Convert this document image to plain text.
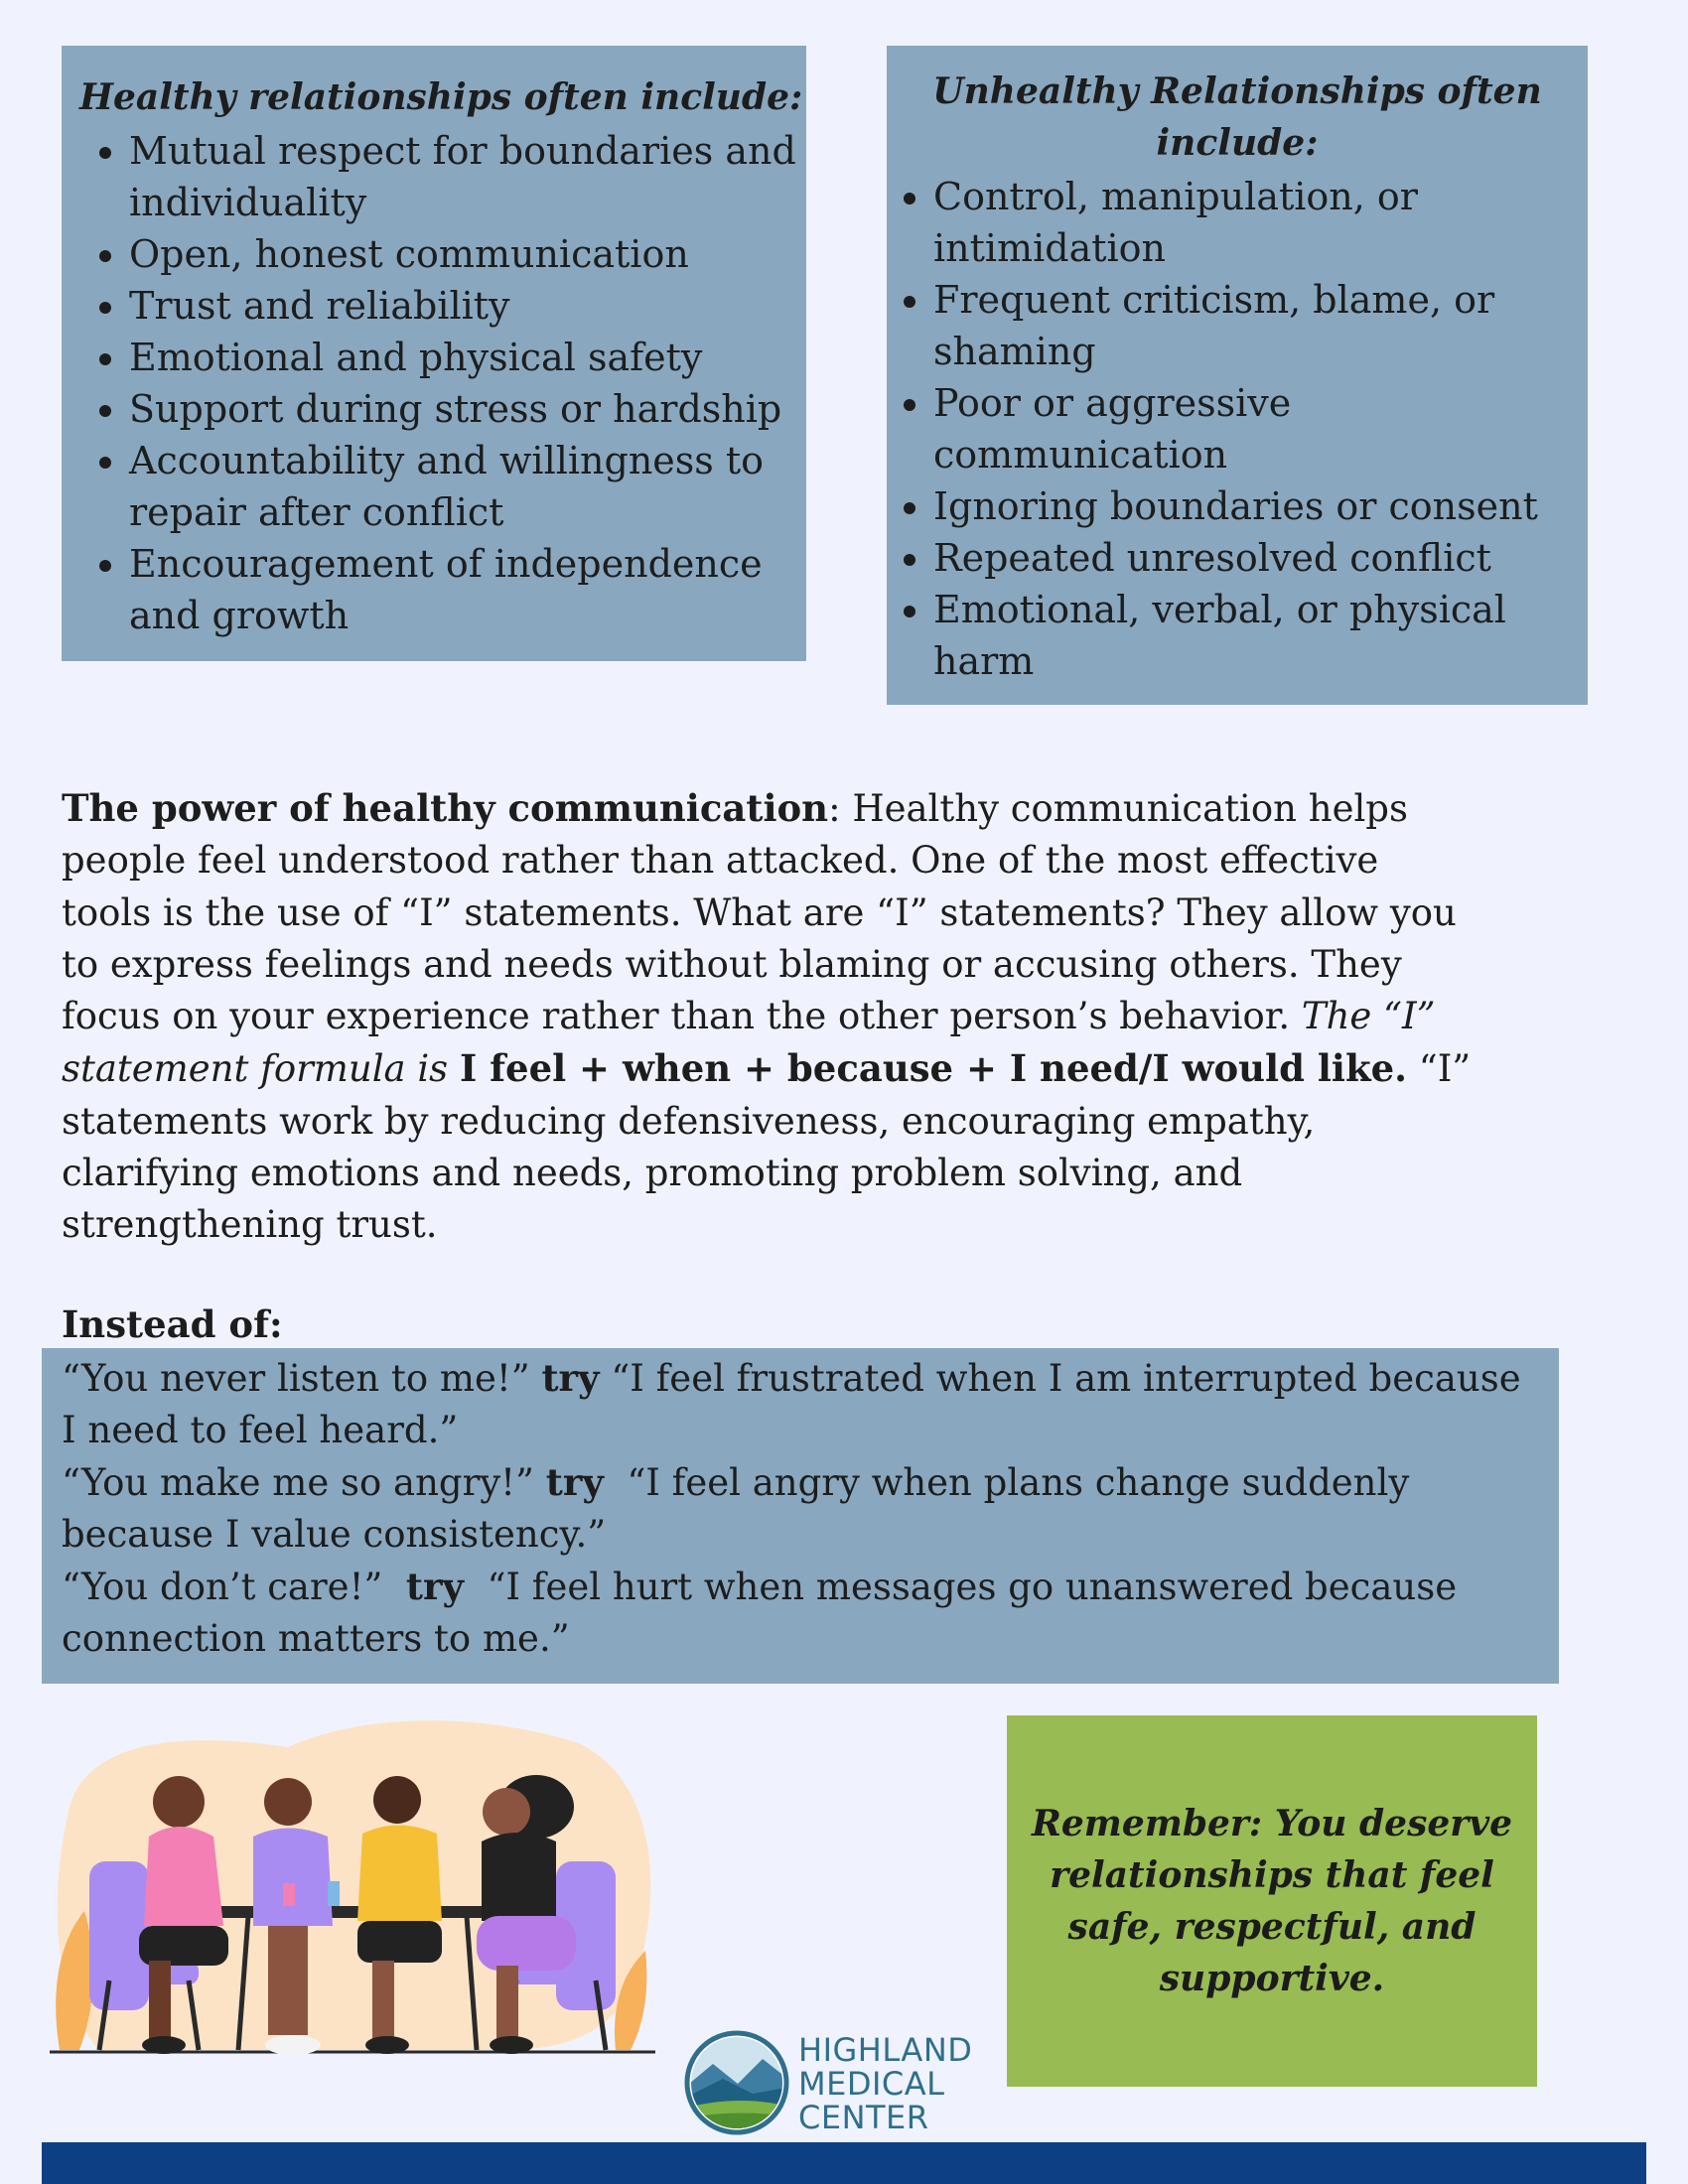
Healthy relationships often include:

• Mutual respect for boundaries and individuality
• Open, honest communication
• Trust and reliability
• Emotional and physical safety
• Support during stress or hardship
• Accountability and willingness to repair after conflict
• Encouragement of independence and growth

Unhealthy Relationships often include:

• Control, manipulation, or intimidation
• Frequent criticism, blame, or shaming
• Poor or aggressive communication
• Ignoring boundaries or consent
• Repeated unresolved conflict
• Emotional, verbal, or physical harm

The power of healthy communication: Healthy communication helps people feel understood rather than attacked. One of the most effective tools is the use of “I” statements. What are “I” statements? They allow you to express feelings and needs without blaming or accusing others. They focus on your experience rather than the other person’s behavior. The “I” statement formula is I feel + when + because + I need/I would like. “I” statements work by reducing defensiveness, encouraging empathy, clarifying emotions and needs, promoting problem solving, and strengthening trust.

Instead of:

“You never listen to me!” try “I feel frustrated when I am interrupted because I need to feel heard.”

“You make me so angry!” try “I feel angry when plans change suddenly because I value consistency.”

“You don’t care!” try “I feel hurt when messages go unanswered because connection matters to me.”

HIGHLAND
MEDICAL
CENTER

Remember: You deserve relationships that feel safe, respectful, and supportive.
